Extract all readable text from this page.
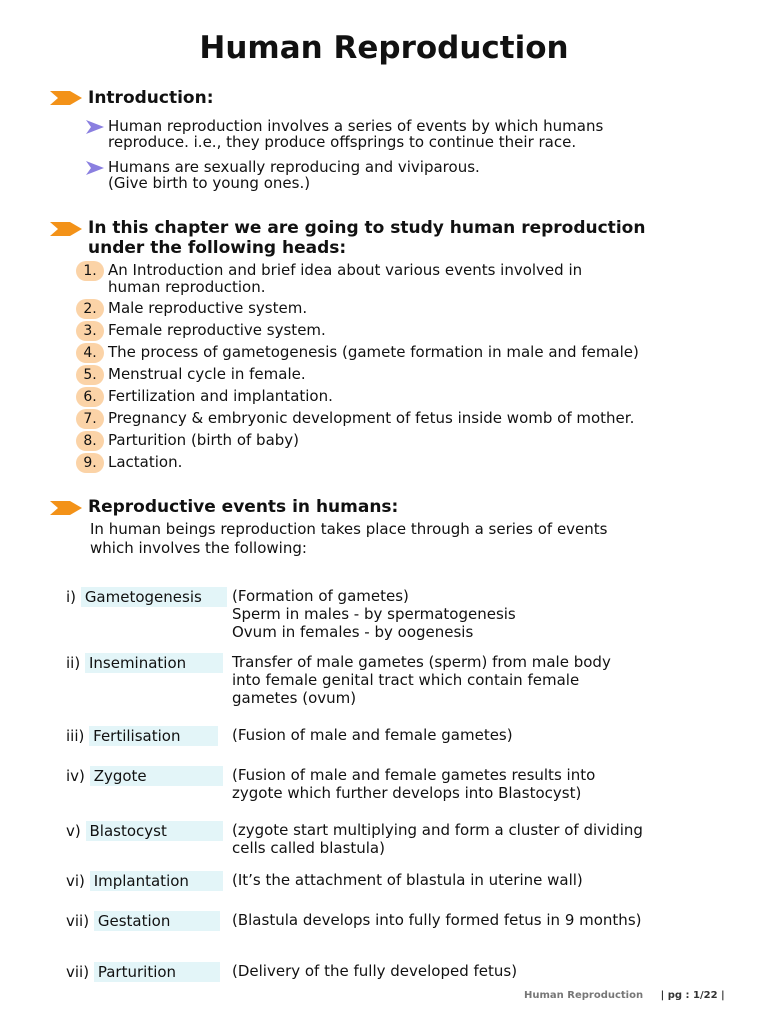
Human Reproduction
Introduction:
Human reproduction involves a series of events by which humans
reproduce. i.e., they produce offsprings to continue their race.
Humans are sexually reproducing and viviparous.
(Give birth to young ones.)
In this chapter we are going to study human reproduction
under the following heads:
1. An Introduction and brief idea about various events involved in
human reproduction.
2. Male reproductive system.
3. Female reproductive system.
4. The process of gametogenesis (gamete formation in male and female)
5. Menstrual cycle in female.
6. Fertilization and implantation.
7. Pregnancy & embryonic development of fetus inside womb of mother.
8. Parturition (birth of baby)
9. Lactation.
Reproductive events in humans:
In human beings reproduction takes place through a series of events
which involves the following:
i) Gametogenesis	(Formation of gametes)
Sperm in males - by spermatogenesis
Ovum in females - by oogenesis
ii) Insemination	Transfer of male gametes (sperm) from male body
into female genital tract which contain female
gametes (ovum)
iii) Fertilisation	(Fusion of male and female gametes)
iv) Zygote	(Fusion of male and female gametes results into
zygote which further develops into Blastocyst)
v) Blastocyst	(zygote start multiplying and form a cluster of dividing
cells called blastula)
vi) Implantation	(It’s the attachment of blastula in uterine wall)
vii) Gestation	(Blastula develops into fully formed fetus in 9 months)
vii) Parturition	(Delivery of the fully developed fetus)
Human Reproduction | pg : 1/22 |
